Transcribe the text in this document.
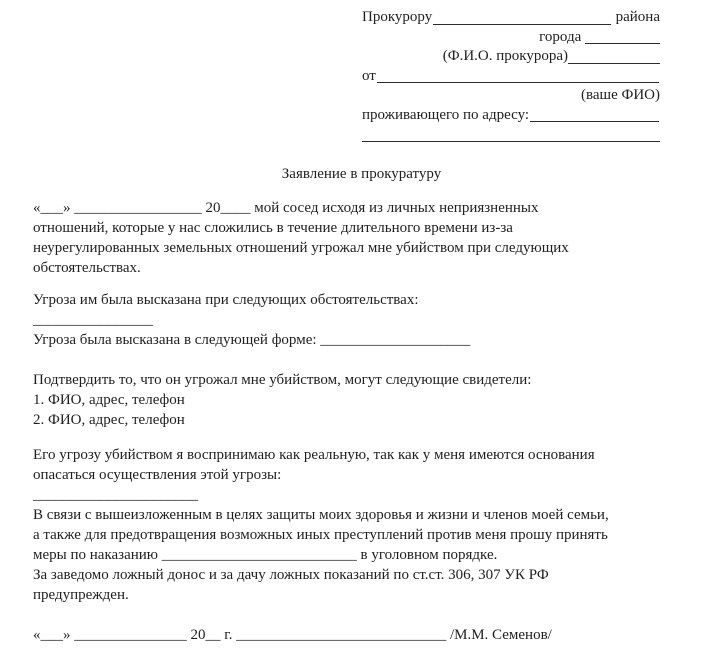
Прокурору	района
города
(Ф.И.О. прокурора)
от
(ваше ФИО)
проживающего по адресу:
Заявление в прокуратуру
«___» _________________ 20____ мой сосед исходя из личных неприязненных
отношений, которые у нас сложились в течение длительного времени из-за
неурегулированных земельных отношений угрожал мне убийством при следующих
обстоятельствах.
Угроза им была высказана при следующих обстоятельствах:
________________
Угроза была высказана в следующей форме: ____________________
Подтвердить то, что он угрожал мне убийством, могут следующие свидетели:
1. ФИО, адрес, телефон
2. ФИО, адрес, телефон
Его угрозу убийством я воспринимаю как реальную, так как у меня имеются основания
опасаться осуществления этой угрозы:
______________________
В связи с вышеизложенным в целях защиты моих здоровья и жизни и членов моей семьи,
а также для предотвращения возможных иных преступлений против меня прошу принять
меры по наказанию __________________________ в уголовном порядке.
За заведомо ложный донос и за дачу ложных показаний по ст.ст. 306, 307 УК РФ
предупрежден.
«___» _______________ 20__ г. ____________________________ /М.М. Семенов/
